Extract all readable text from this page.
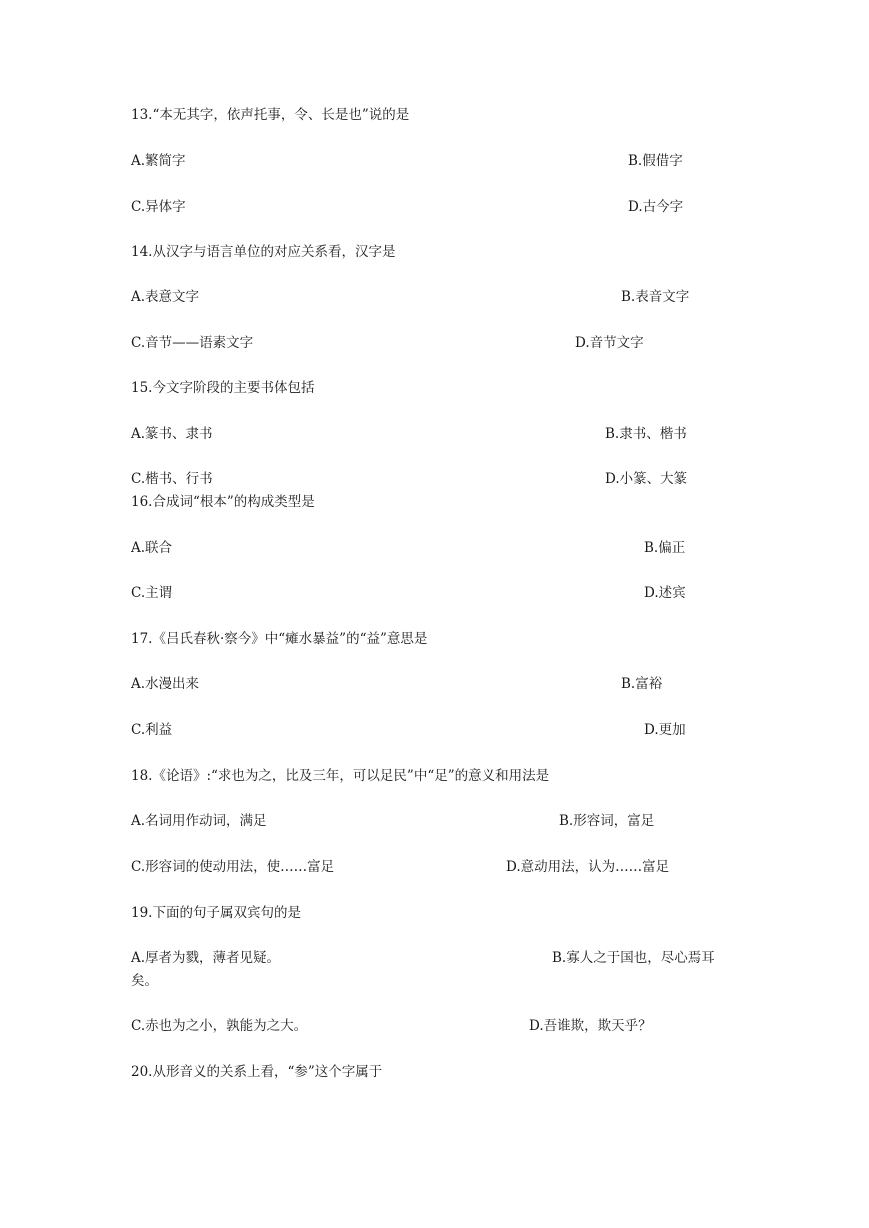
13.“本无其字，依声托事，令、长是也”说的是
A.繁简字	B.假借字
C.异体字	D.古今字
14.从汉字与语言单位的对应关系看，汉字是
A.表意文字	B.表音文字
C.音节——语素文字	D.音节文字
15.今文字阶段的主要书体包括
A.篆书、隶书	B.隶书、楷书
C.楷书、行书	D.小篆、大篆
16.合成词“根本”的构成类型是
A.联合	B.偏正
C.主谓	D.述宾
17.《吕氏春秋·察今》中“瘫水暴益”的“益”意思是
A.水漫出来	B.富裕
C.利益	D.更加
18.《论语》:“求也为之，比及三年，可以足民”中“足”的意义和用法是
A.名词用作动词，满足	B.形容词，富足
C.形容词的使动用法，使……富足	D.意动用法，认为……富足
19.下面的句子属双宾句的是
A.厚者为戮，薄者见疑。	B.寡人之于国也，尽心焉耳
矣。
C.赤也为之小，孰能为之大。	D.吾谁欺，欺天乎？
20.从形音义的关系上看，“参”这个字属于
